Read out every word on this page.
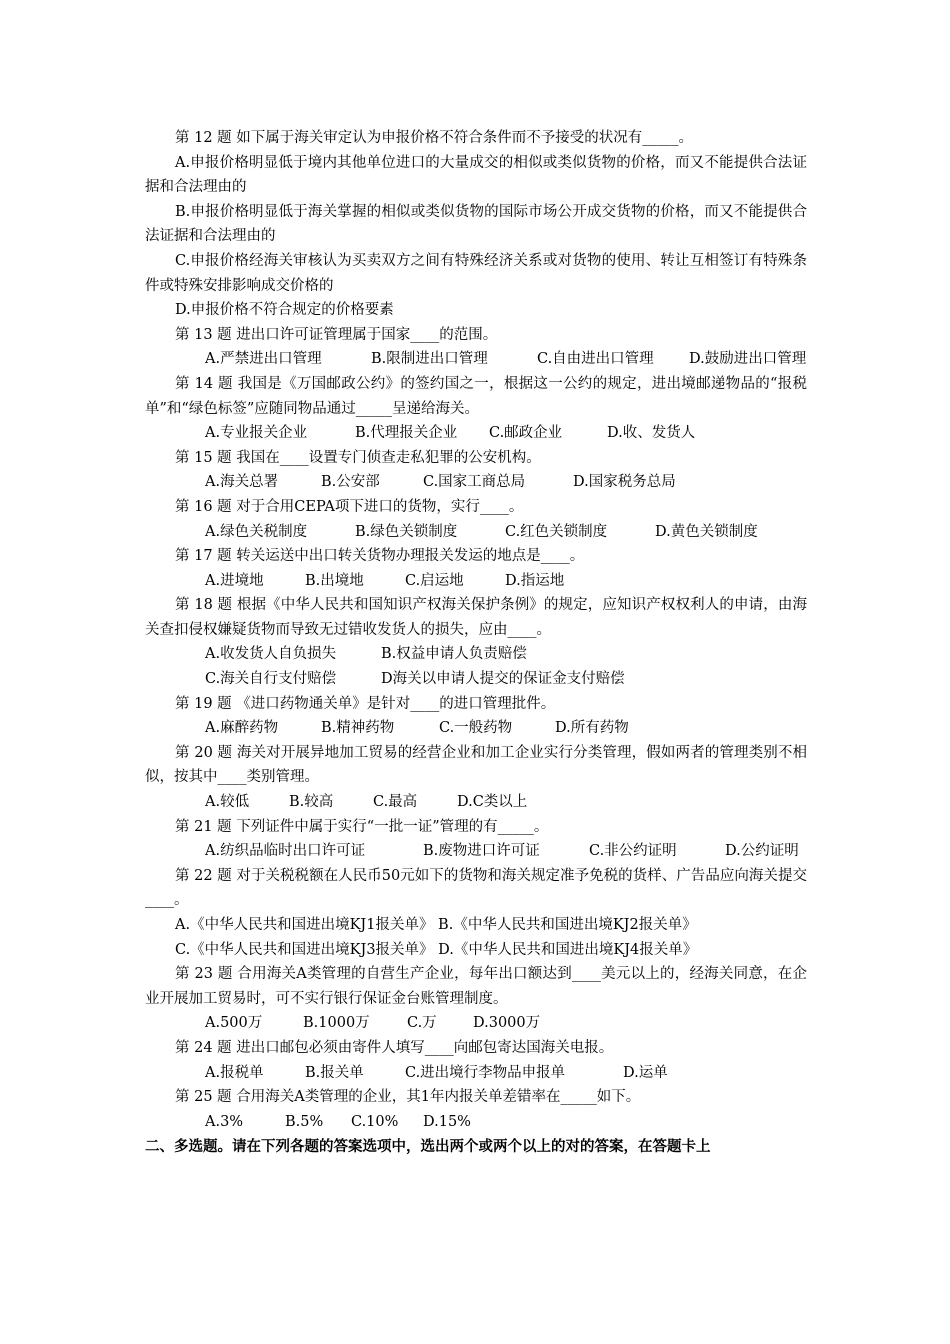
第 12 题 如下属于海关审定认为申报价格不符合条件而不予接受的状况有_____。

A.申报价格明显低于境内其他单位进口的大量成交的相似或类似货物的价格，而又不能提供合法证据和合法理由的

B.申报价格明显低于海关掌握的相似或类似货物的国际市场公开成交货物的价格，而又不能提供合法证据和合法理由的

C.申报价格经海关审核认为买卖双方之间有特殊经济关系或对货物的使用、转让互相签订有特殊条件或特殊安排影响成交价格的

D.申报价格不符合规定的价格要素

第 13 题 进出口许可证管理属于国家____的范围。

A.严禁进出口管理	B.限制进出口管理	C.自由进出口管理 D.鼓励进出口管理

第 14 题 我国是《万国邮政公约》的签约国之一，根据这一公约的规定，进出境邮递物品的“报税单”和“绿色标签”应随同物品通过_____呈递给海关。

A.专业报关企业	B.代理报关企业 C.邮政企业	D.收、发货人

第 15 题 我国在____设置专门侦查走私犯罪的公安机构。

A.海关总署	B.公安部	C.国家工商总局	D.国家税务总局

第 16 题 对于合用CEPA项下进口的货物，实行____。

A.绿色关税制度	B.绿色关锁制度	C.红色关锁制度	D.黄色关锁制度

第 17 题 转关运送中出口转关货物办理报关发运的地点是____。

A.进境地	B.出境地	C.启运地	D.指运地

第 18 题 根据《中华人民共和国知识产权海关保护条例》的规定，应知识产权权利人的申请，由海关查扣侵权嫌疑货物而导致无过错收发货人的损失，应由____。

A.收发货人自负损失	B.权益申请人负责赔偿

C.海关自行支付赔偿	D海关以申请人提交的保证金支付赔偿

第 19 题 《进口药物通关单》是针对____的进口管理批件。

A.麻醉药物	B.精神药物	C.一般药物	D.所有药物

第 20 题 海关对开展异地加工贸易的经营企业和加工企业实行分类管理，假如两者的管理类别不相似，按其中____类别管理。

A.较低	B.较高	C.最高	D.C类以上

第 21 题 下列证件中属于实行“一批一证”管理的有_____。

A.纺织品临时出口许可证	B.废物进口许可证	C.非公约证明	D.公约证明

第 22 题 对于关税税额在人民币50元如下的货物和海关规定准予免税的货样、广告品应向海关提交____。

A.《中华人民共和国进出境KJ1报关单》 B.《中华人民共和国进出境KJ2报关单》

C.《中华人民共和国进出境KJ3报关单》 D.《中华人民共和国进出境KJ4报关单》

第 23 题 合用海关A类管理的自营生产企业，每年出口额达到____美元以上的，经海关同意，在企业开展加工贸易时，可不实行银行保证金台账管理制度。

A.500万	B.1000万	C.万	D.3000万

第 24 题 进出口邮包必须由寄件人填写____向邮包寄达国海关电报。

A.报税单	B.报关单	C.进出境行李物品申报单	D.运单

第 25 题 合用海关A类管理的企业，其1年内报关单差错率在_____如下。

A.3%	B.5% C.10% D.15%

二、多选题。请在下列各题的答案选项中，选出两个或两个以上的对的答案，在答题卡上
